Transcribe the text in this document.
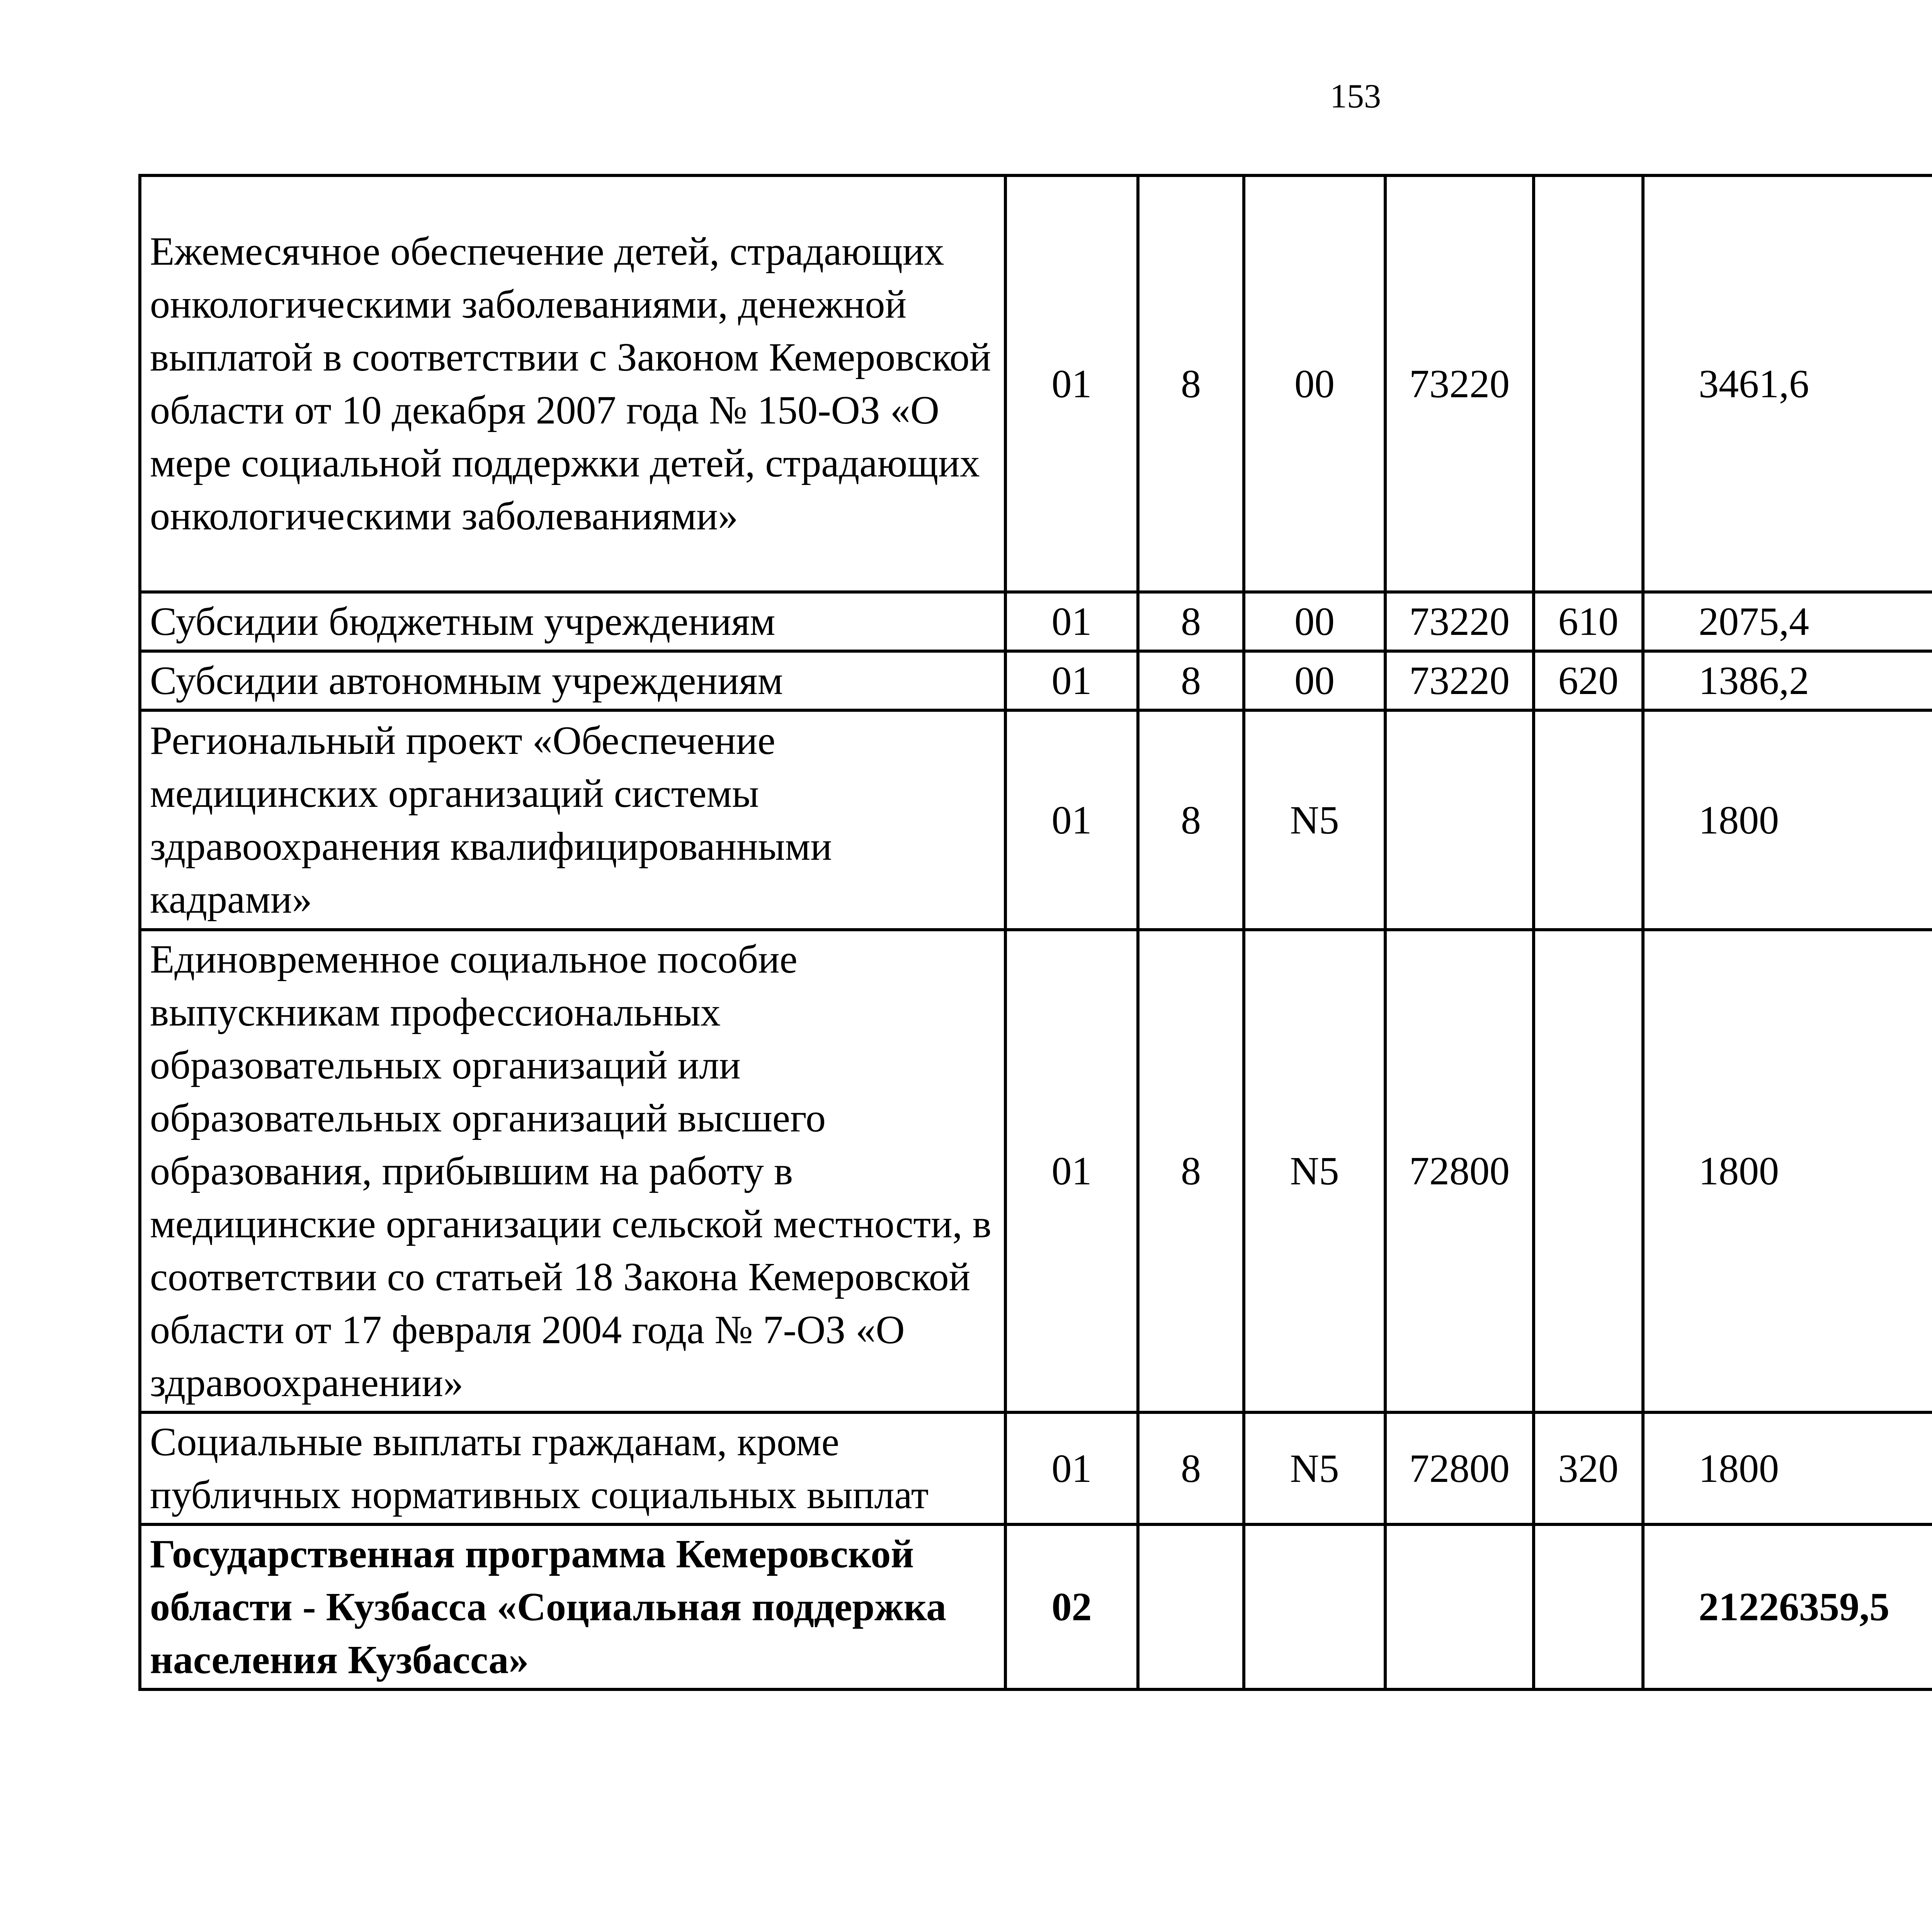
153
Ежемесячное обеспечение детей, страдающих онкологическими заболеваниями, денежной выплатой в соответствии с Законом Кемеровской области от 10 декабря 2007 года № 150-ОЗ «О мере социальной поддержки детей, страдающих онкологическими заболеваниями»	01	8	00	73220		3461,6		
Субсидии бюджетным учреждениям	01	8	00	73220	610	2075,4		
Субсидии автономным учреждениям	01	8	00	73220	620	1386,2		
Региональный проект «Обеспечение медицинских организаций системы здравоохранения квалифицированными кадрами»	01	8	N5			1800		
Единовременное социальное пособие выпускникам профессиональных образовательных организаций или образовательных организаций высшего образования, прибывшим на работу в медицинские организации сельской местности, в соответствии со статьей 18 Закона Кемеровской области от 17 февраля 2004 года № 7-ОЗ «О здравоохранении»	01	8	N5	72800		1800		
Социальные выплаты гражданам, кроме публичных нормативных социальных выплат	01	8	N5	72800	320	1800		
Государственная программа Кемеровской области - Кузбасса «Социальная поддержка населения Кузбасса»	02					21226359,5		
